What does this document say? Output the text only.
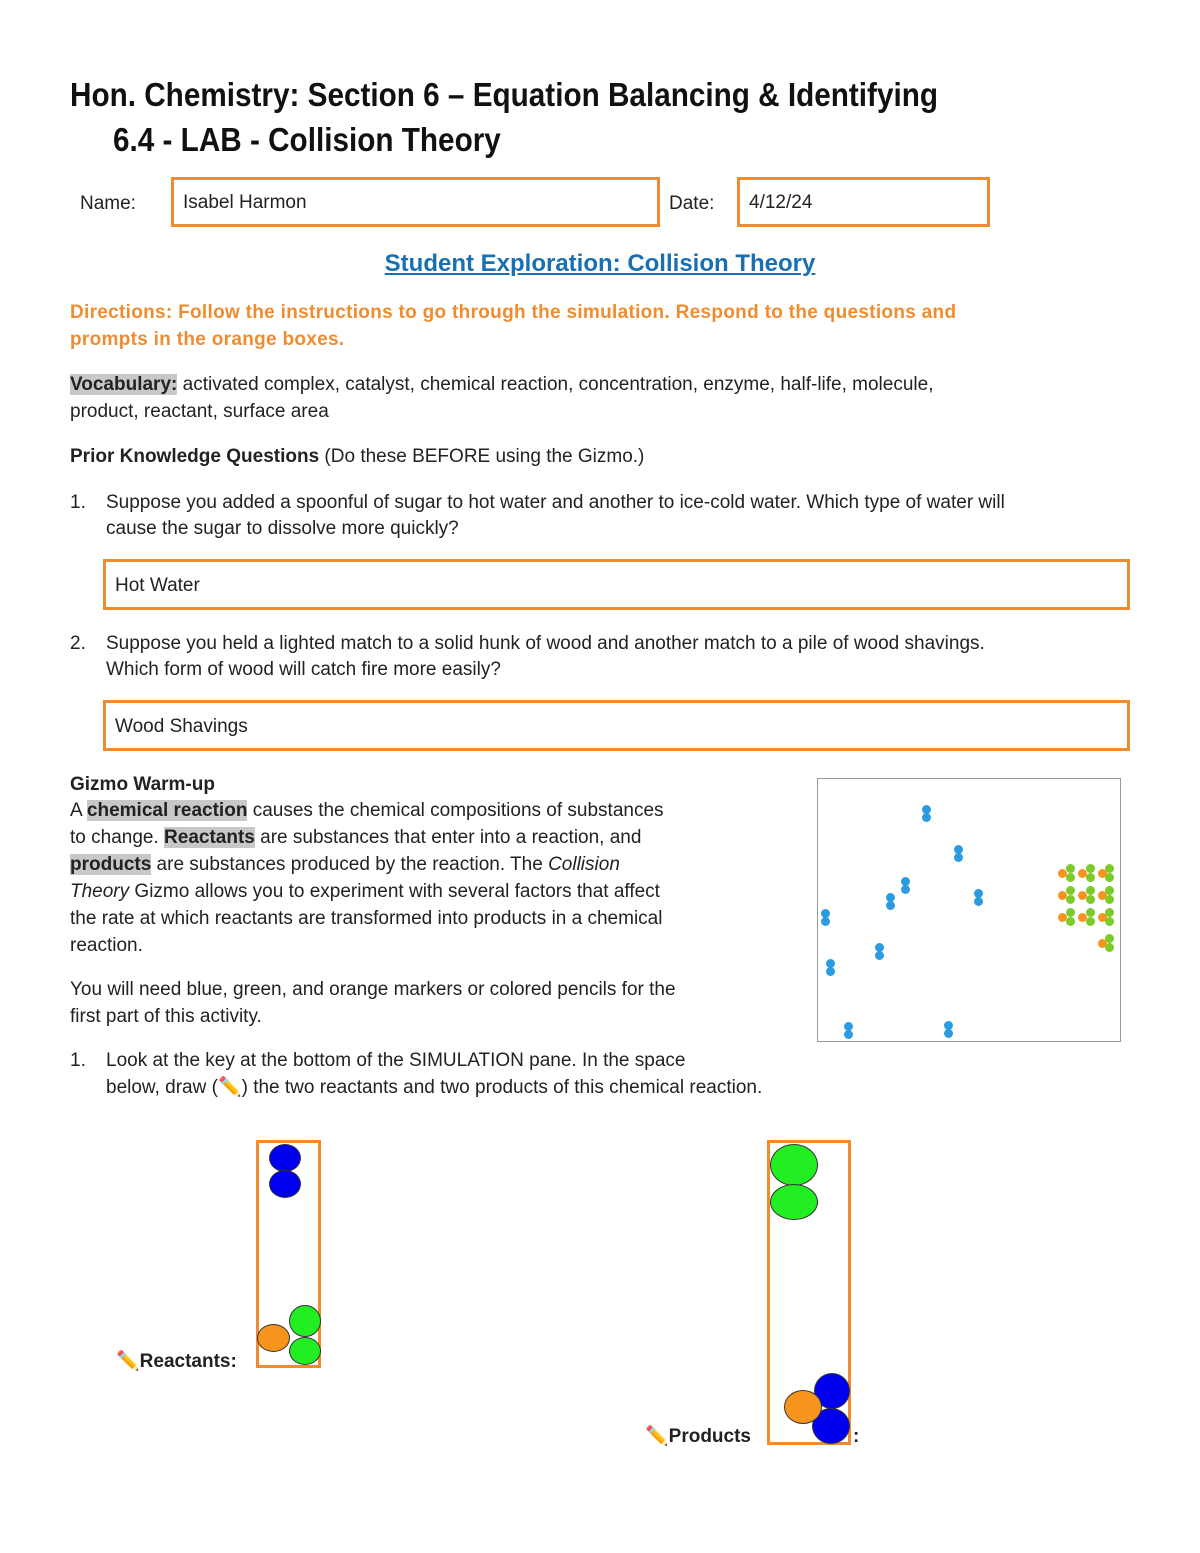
Hon. Chemistry: Section 6 – Equation Balancing & Identifying
6.4 - LAB - Collision Theory
Name:	Isabel Harmon	Date:	4/12/24
Student Exploration: Collision Theory
Directions: Follow the instructions to go through the simulation. Respond to the questions and
prompts in the orange boxes.
Vocabulary: activated complex, catalyst, chemical reaction, concentration, enzyme, half-life, molecule,
product, reactant, surface area
Prior Knowledge Questions (Do these BEFORE using the Gizmo.)
1. Suppose you added a spoonful of sugar to hot water and another to ice-cold water. Which type of water will
cause the sugar to dissolve more quickly?
Hot Water
2. Suppose you held a lighted match to a solid hunk of wood and another match to a pile of wood shavings.
Which form of wood will catch fire more easily?
Wood Shavings
Gizmo Warm-up
A chemical reaction causes the chemical compositions of substances
to change. Reactants are substances that enter into a reaction, and
products are substances produced by the reaction. The Collision
Theory Gizmo allows you to experiment with several factors that affect
the rate at which reactants are transformed into products in a chemical
reaction.
You will need blue, green, and orange markers or colored pencils for the
first part of this activity.
1. Look at the key at the bottom of the SIMULATION pane. In the space
below, draw (✏️) the two reactants and two products of this chemical reaction.
✏️Reactants:
✏️Products	:
